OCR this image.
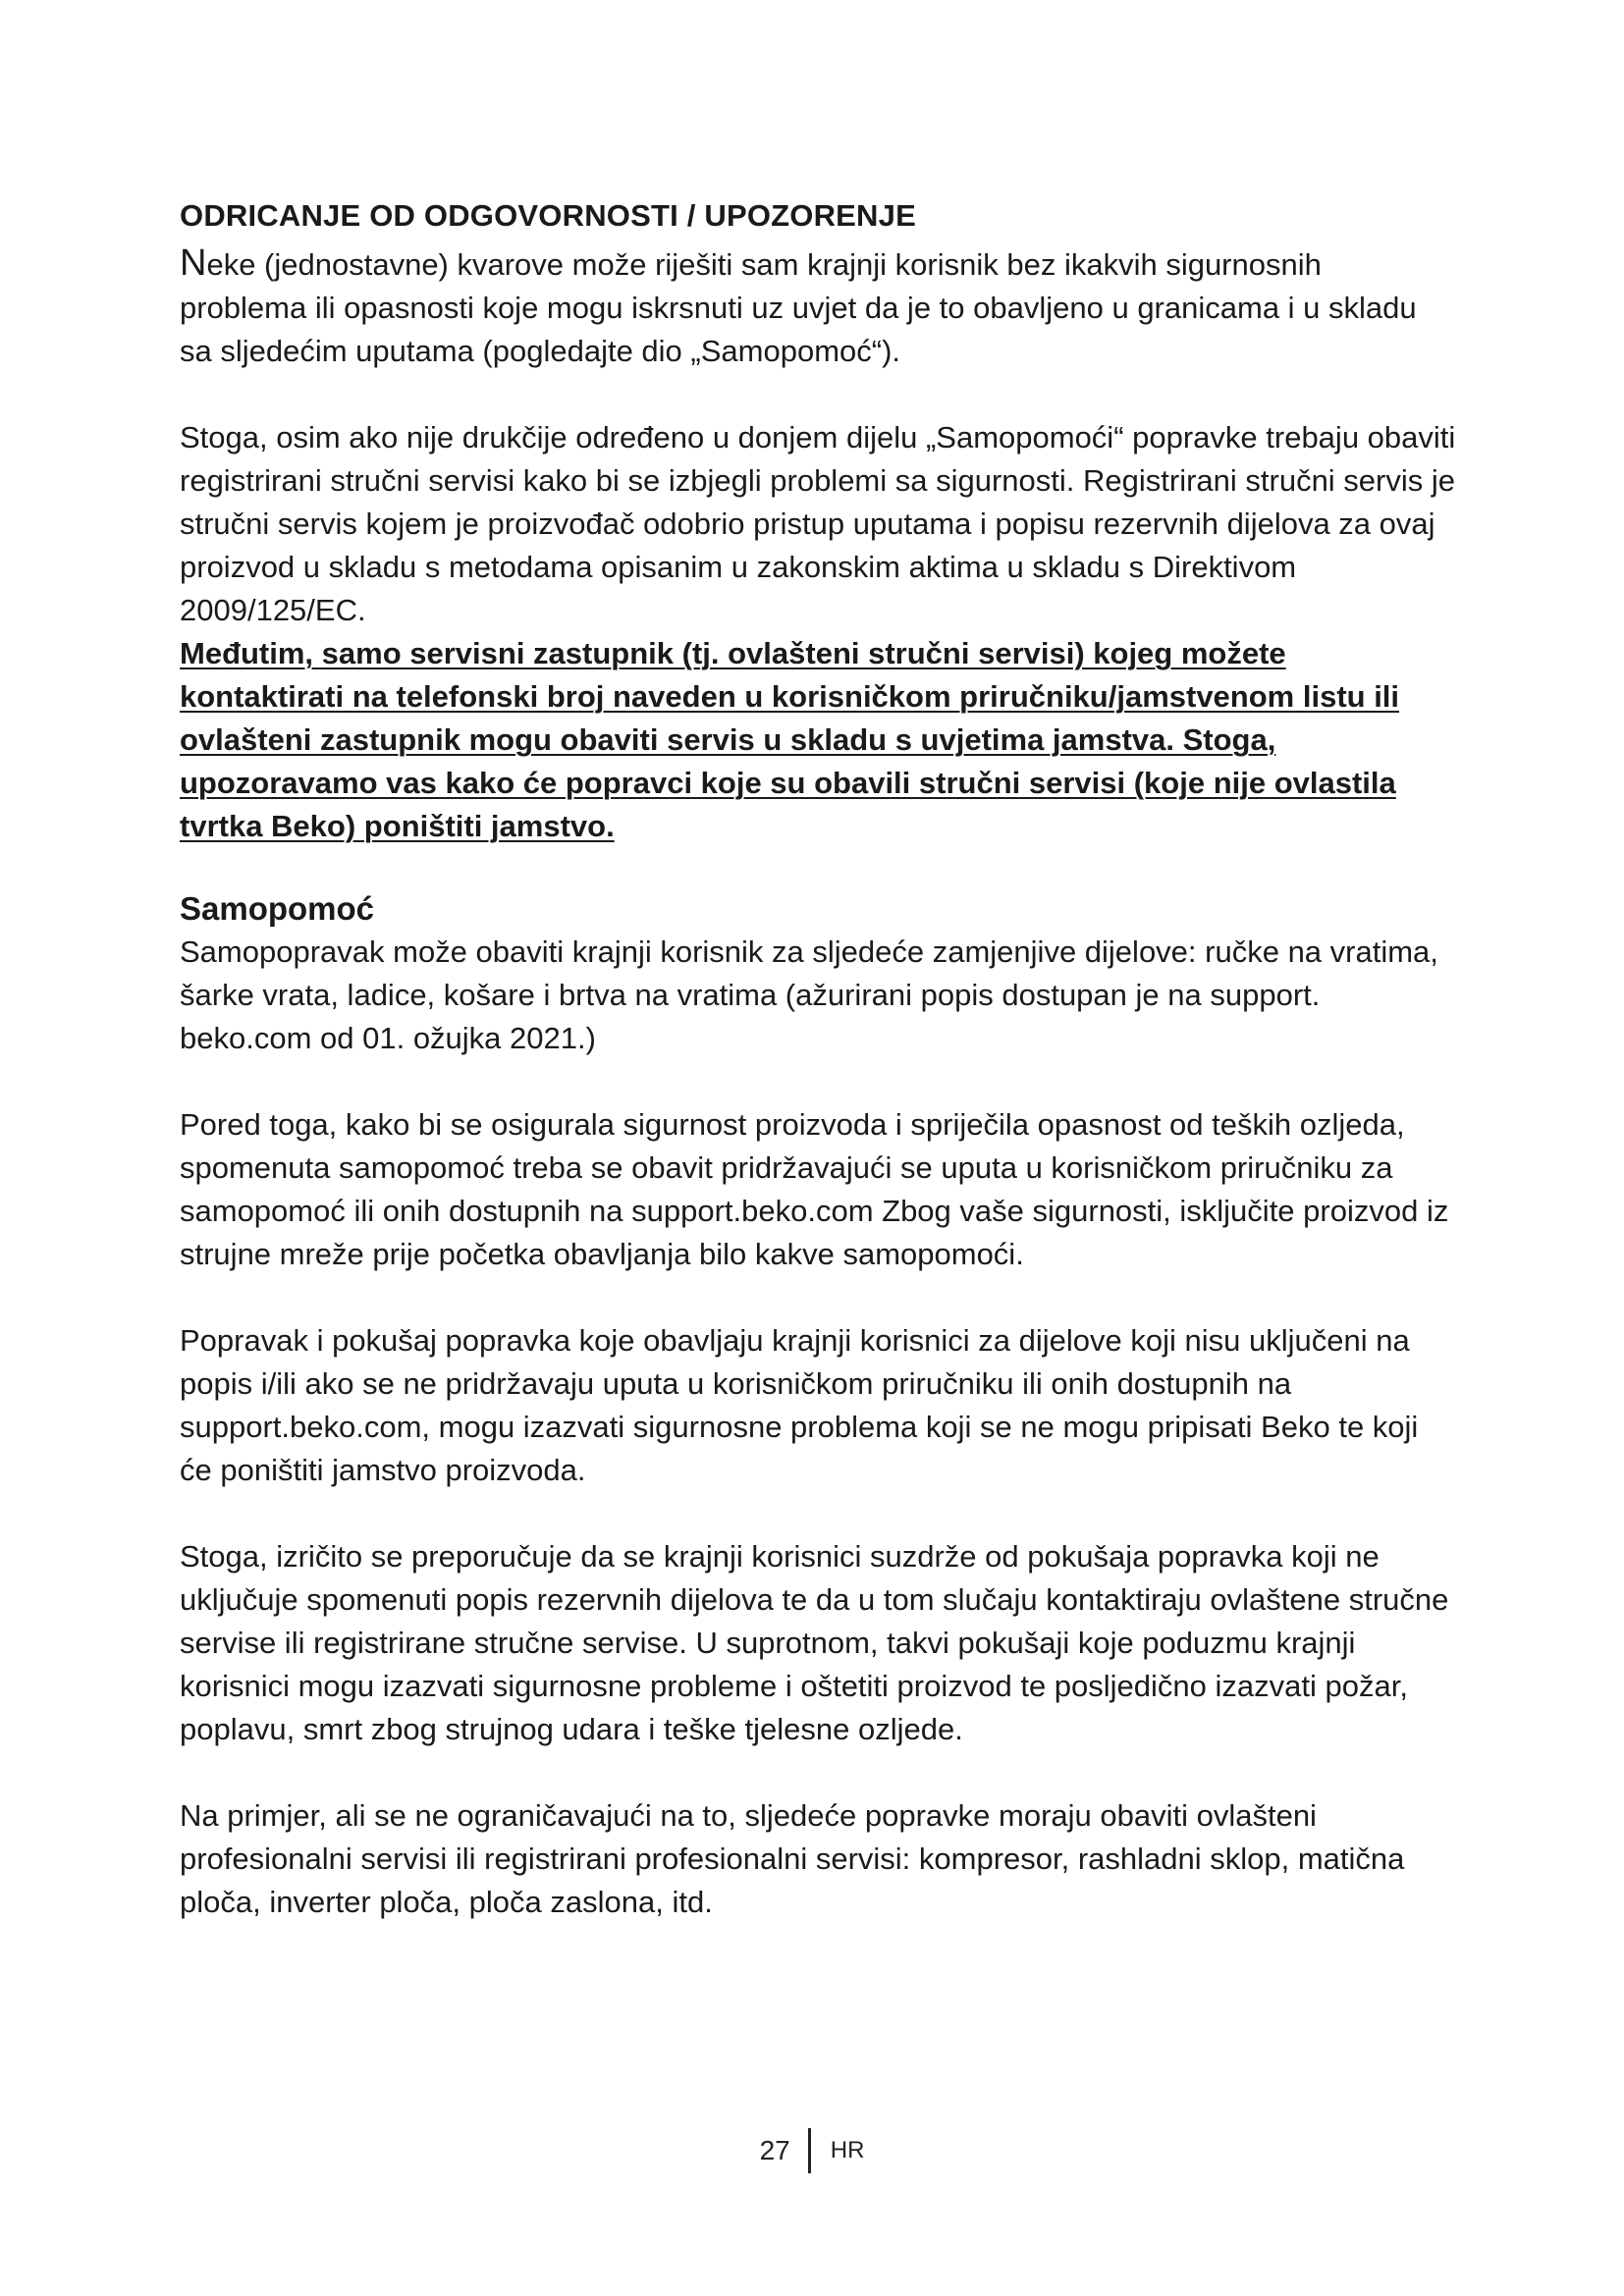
ODRICANJE OD ODGOVORNOSTI / UPOZORENJE

Neke (jednostavne) kvarove može riješiti sam krajnji korisnik bez ikakvih sigurnosnih problema ili opasnosti koje mogu iskrsnuti uz uvjet da je to obavljeno u granicama i u skladu sa sljedećim uputama (pogledajte dio „Samopomoć“).

Stoga, osim ako nije drukčije određeno u donjem dijelu „Samopomoći“ popravke trebaju obaviti registrirani stručni servisi kako bi se izbjegli problemi sa sigurnosti. Registrirani stručni servis je stručni servis kojem je proizvođač odobrio pristup uputama i popisu rezervnih dijelova za ovaj proizvod u skladu s metodama opisanim u zakonskim aktima u skladu s Direktivom 2009/125/EC.

Međutim, samo servisni zastupnik (tj. ovlašteni stručni servisi) kojeg možete kontaktirati na telefonski broj naveden u korisničkom priručniku/jamstvenom listu ili ovlašteni zastupnik mogu obaviti servis u skladu s uvjetima jamstva. Stoga, upozoravamo vas kako će popravci koje su obavili stručni servisi (koje nije ovlastila tvrtka Beko) poništiti jamstvo.

Samopomoć

Samopopravak može obaviti krajnji korisnik za sljedeće zamjenjive dijelove: ručke na vratima,

šarke vrata, ladice, košare i brtva na vratima (ažurirani popis dostupan je na support. beko.com od 01. ožujka 2021.)

Pored toga, kako bi se osigurala sigurnost proizvoda i spriječila opasnost od teških ozljeda, spomenuta samopomoć treba se obavit pridržavajući se uputa u korisničkom priručniku za samopomoć ili onih dostupnih na support.beko.com Zbog vaše sigurnosti, isključite proizvod iz strujne mreže prije početka obavljanja bilo kakve samopomoći.

Popravak i pokušaj popravka koje obavljaju krajnji korisnici za dijelove koji nisu uključeni na popis i/ili ako se ne pridržavaju uputa u korisničkom priručniku ili onih dostupnih na support.beko.com, mogu izazvati sigurnosne problema koji se ne mogu pripisati Beko te koji će poništiti jamstvo proizvoda.

Stoga, izričito se preporučuje da se krajnji korisnici suzdrže od pokušaja popravka koji ne uključuje spomenuti popis rezervnih dijelova te da u tom slučaju kontaktiraju ovlaštene stručne servise ili registrirane stručne servise. U suprotnom, takvi pokušaji koje poduzmu krajnji korisnici mogu izazvati sigurnosne probleme i oštetiti proizvod te posljedično izazvati požar, poplavu, smrt zbog strujnog udara i teške tjelesne ozljede.

Na primjer, ali se ne ograničavajući na to, sljedeće popravke moraju obaviti ovlašteni profesionalni servisi ili registrirani profesionalni servisi: kompresor, rashladni sklop, matična ploča, inverter ploča, ploča zaslona, itd.

27 HR
